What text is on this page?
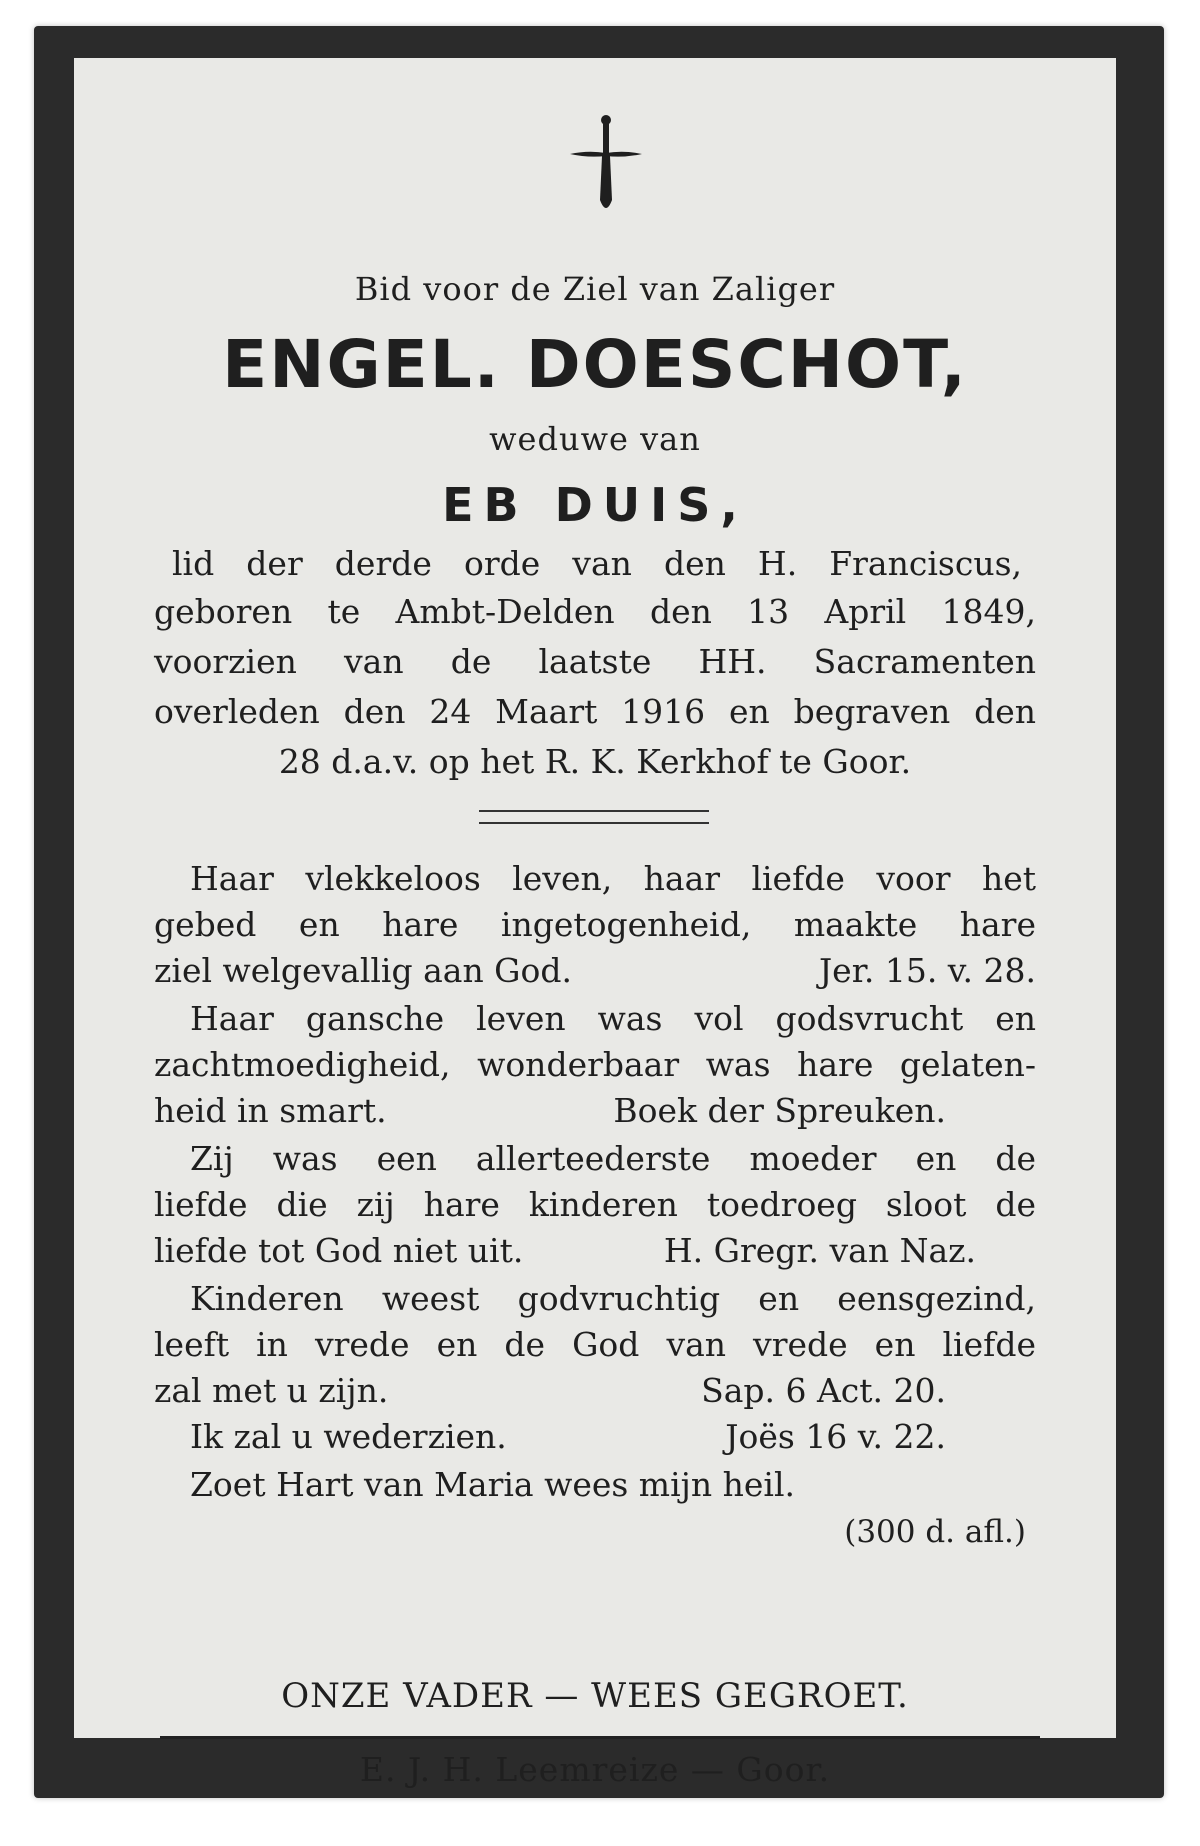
Bid voor de Ziel van Zaliger
ENGEL. DOESCHOT,
weduwe van
EB DUIS,
lid der derde orde van den H. Franciscus,
geboren te Ambt-Delden den 13 April 1849,
voorzien van de laatste HH. Sacramenten
overleden den 24 Maart 1916 en begraven den
28 d.a.v. op het R. K. Kerkhof te Goor.
Haar vlekkeloos leven, haar liefde voor het
gebed en hare ingetogenheid, maakte hare
ziel welgevallig aan God.	Jer. 15. v. 28.
Haar gansche leven was vol godsvrucht en
zachtmoedigheid, wonderbaar was hare gelaten-
heid in smart.	Boek der Spreuken.
Zij was een allerteederste moeder en de
liefde die zij hare kinderen toedroeg sloot de
liefde tot God niet uit.	H. Gregr. van Naz.
Kinderen weest godvruchtig en eensgezind,
leeft in vrede en de God van vrede en liefde
zal met u zijn.	Sap. 6 Act. 20.
Ik zal u wederzien.	Joës 16 v. 22.
Zoet Hart van Maria wees mijn heil.
(300 d. afl.)
ONZE VADER — WEES GEGROET.
E. J. H. Leemreize — Goor.
